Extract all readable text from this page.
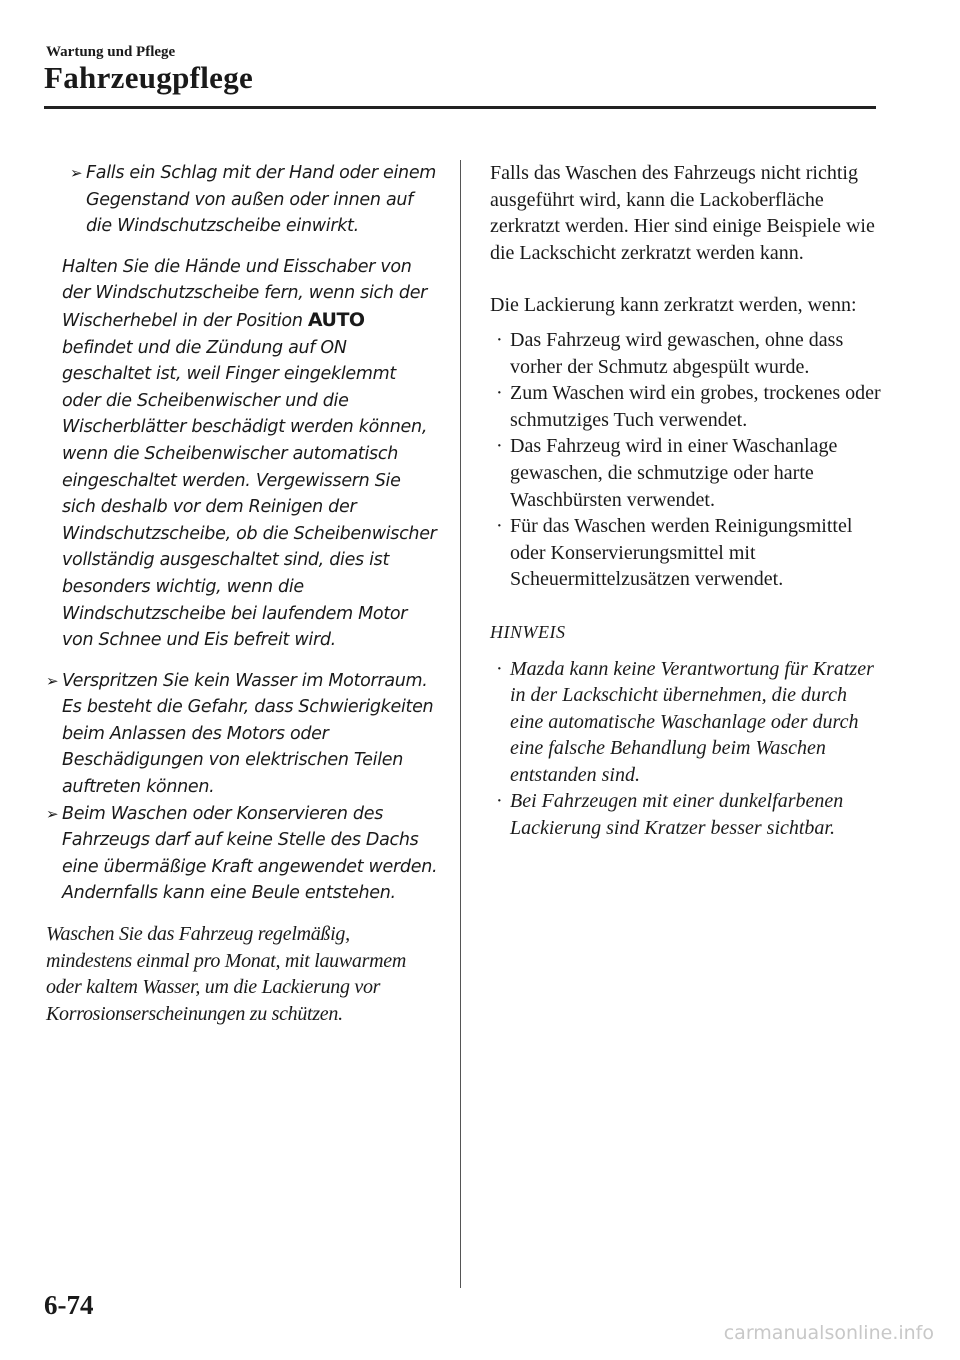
Wartung und Pflege
Fahrzeugpflege
➢ Falls ein Schlag mit der Hand oder einem Gegenstand von außen oder innen auf die Windschutzscheibe einwirkt.
Halten Sie die Hände und Eisschaber von der Windschutzscheibe fern, wenn sich der Wischerhebel in der Position AUTO befindet und die Zündung auf ON geschaltet ist, weil Finger eingeklemmt oder die Scheibenwischer und die Wischerblätter beschädigt werden können, wenn die Scheibenwischer automatisch eingeschaltet werden. Vergewissern Sie sich deshalb vor dem Reinigen der Windschutzscheibe, ob die Scheibenwischer vollständig ausgeschaltet sind, dies ist besonders wichtig, wenn die Windschutzscheibe bei laufendem Motor von Schnee und Eis befreit wird.
➢ Verspritzen Sie kein Wasser im Motorraum. Es besteht die Gefahr, dass Schwierigkeiten beim Anlassen des Motors oder Beschädigungen von elektrischen Teilen auftreten können.
➢ Beim Waschen oder Konservieren des Fahrzeugs darf auf keine Stelle des Dachs eine übermäßige Kraft angewendet werden. Andernfalls kann eine Beule entstehen.
Waschen Sie das Fahrzeug regelmäßig, mindestens einmal pro Monat, mit lauwarmem oder kaltem Wasser, um die Lackierung vor Korrosionserscheinungen zu schützen.
Falls das Waschen des Fahrzeugs nicht richtig ausgeführt wird, kann die Lackoberfläche zerkratzt werden. Hier sind einige Beispiele wie die Lackschicht zerkratzt werden kann.
Die Lackierung kann zerkratzt werden, wenn:
· Das Fahrzeug wird gewaschen, ohne dass vorher der Schmutz abgespült wurde.
· Zum Waschen wird ein grobes, trockenes oder schmutziges Tuch verwendet.
· Das Fahrzeug wird in einer Waschanlage gewaschen, die schmutzige oder harte Waschbürsten verwendet.
· Für das Waschen werden Reinigungsmittel oder Konservierungsmittel mit Scheuermittelzusätzen verwendet.
HINWEIS
· Mazda kann keine Verantwortung für Kratzer in der Lackschicht übernehmen, die durch eine automatische Waschanlage oder durch eine falsche Behandlung beim Waschen entstanden sind.
· Bei Fahrzeugen mit einer dunkelfarbenen Lackierung sind Kratzer besser sichtbar.
6-74
carmanualsonline.info
